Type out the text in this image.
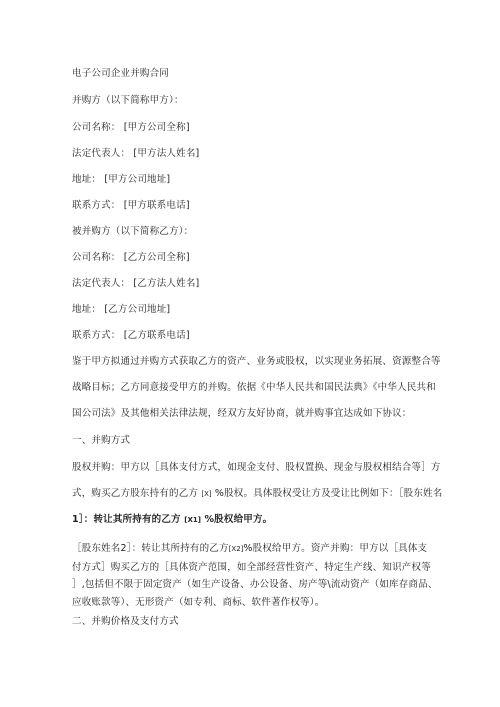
电子公司企业并购合同
并购方（以下简称甲方）：
公司名称： [甲方公司全称]
法定代表人： [甲方法人姓名]
地址： [甲方公司地址]
联系方式： [甲方联系电话]
被并购方（以下简称乙方）：
公司名称： [乙方公司全称]
法定代表人： [乙方法人姓名]
地址： [乙方公司地址]
联系方式： [乙方联系电话]
鉴于甲方拟通过并购方式获取乙方的资产、业务或股权，以实现业务拓展、资源整合等
战略目标；乙方同意接受甲方的并购。依据《中华人民共和国民法典》《中华人民共和
国公司法》及其他相关法律法规，经双方友好协商，就并购事宜达成如下协议：
一、并购方式
股权并购：甲方以［具体支付方式，如现金支付、股权置换、现金与股权相结合等］方
式，购买乙方股东持有的乙方 [X] %股权。具体股权受让方及受让比例如下：［股东姓名
1］：转让其所持有的乙方 [X1] %股权给甲方。
［股东姓名2］：转让其所持有的乙方[X2]%股权给甲方。资产并购：甲方以［具体支
付方式］购买乙方的［具体资产范围，如全部经营性资产、特定生产线、知识产权等
］,包括但不限于固定资产（如生产设备、办公设备、房产等\流动资产（如库存商品、
应收账款等）、无形资产（如专利、商标、软件著作权等）。
二、并购价格及支付方式
